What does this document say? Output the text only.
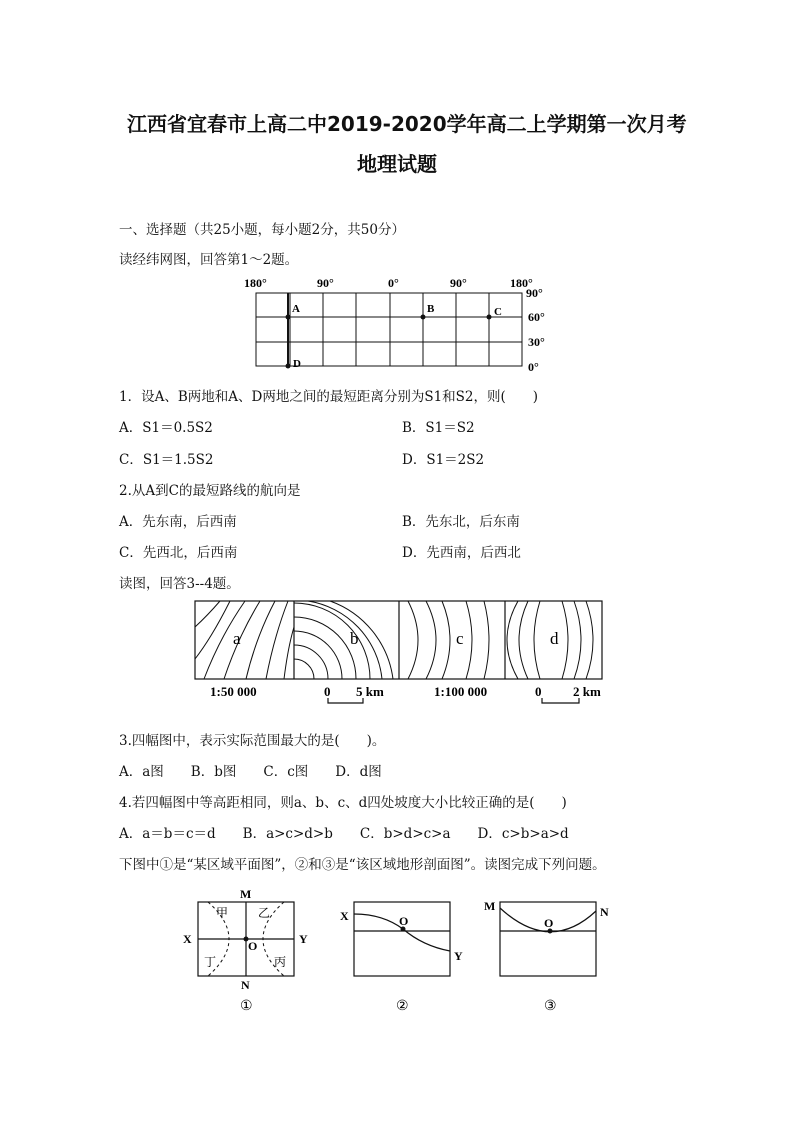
江西省宜春市上高二中2019-2020学年高二上学期第一次月考
地理试题
一、选择题（共25小题，每小题2分，共50分）
读经纬网图，回答第1～2题。
180°	90°	0°	90°	180°
90°
60°
30°
0°
A	B	C
D
1．设A、B两地和A、D两地之间的最短距离分别为S1和S2，则(　　)
A．S1＝0.5S2	B．S1＝S2
C．S1＝1.5S2	D．S1＝2S2
2.从A到C的最短路线的航向是
A．先东南，后西南	B．先东北，后东南
C．先西北，后西南	D．先西南，后西北
读图，回答3--4题。
a	b	c	d
1:50 000	0 5 km	1:100 000	0 2 km
3.四幅图中，表示实际范围最大的是(　　)。
A．a图　　B．b图　　C．c图　　D．d图
4.若四幅图中等高距相同，则a、b、c、d四处坡度大小比较正确的是(　　)
A．a＝b＝c＝d　　B．a>c>d>b　　C．b>d>c>a　　D．c>b>a>d
下图中①是“某区域平面图”，②和③是“该区域地形剖面图”。读图完成下列问题。
M
N
X	Y
O
甲 乙
丙
丁
①
X
Y
O
②
M	N
O
③
